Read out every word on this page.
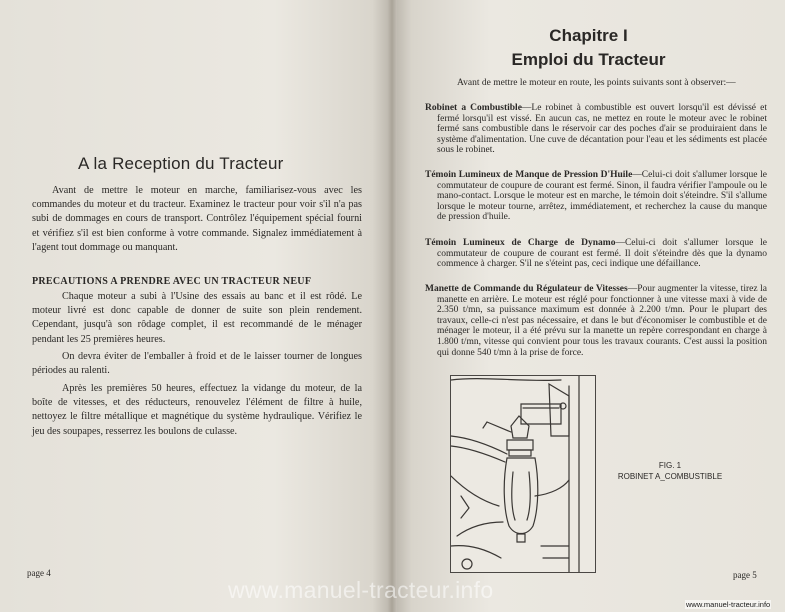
A la Reception du Tracteur

Avant de mettre le moteur en marche, familiarisez-vous avec les commandes du moteur et du tracteur. Examinez le tracteur pour voir s'il n'a pas subi de dommages en cours de transport. Contrôlez l'équipement spécial fourni et vérifiez s'il est bien conforme à votre commande. Signalez immédiatement à l'agent tout dommage ou manquant.

PRECAUTIONS A PRENDRE AVEC UN TRACTEUR NEUF

Chaque moteur a subi à l'Usine des essais au banc et il est rôdé. Le moteur livré est donc capable de donner de suite son plein rendement. Cependant, jusqu'à son rôdage complet, il est recommandé de le ménager pendant les 25 premières heures.

On devra éviter de l'emballer à froid et de le laisser tourner de longues périodes au ralenti.

Après les premières 50 heures, effectuez la vidange du moteur, de la boîte de vitesses, et des réducteurs, renouvelez l'élément de filtre à huile, nettoyez le filtre métallique et magnétique du système hydraulique. Vérifiez le jeu des soupapes, resserrez les boulons de culasse.

page 4
Chapitre I
Emploi du Tracteur

Avant de mettre le moteur en route, les points suivants sont à observer:—

Robinet a Combustible—Le robinet à combustible est ouvert lorsqu'il est dévissé et fermé lorsqu'il est vissé. En aucun cas, ne mettez en route le moteur avec le robinet fermé sans combustible dans le réservoir car des poches d'air se produiraient dans le système d'alimentation. Une cuve de décantation pour l'eau et les sédiments est placée sous le robinet.

Témoin Lumineux de Manque de Pression D'Huile—Celui-ci doit s'allumer lorsque le commutateur de coupure de courant est fermé. Sinon, il faudra vérifier l'ampoule ou le mano-contact. Lorsque le moteur est en marche, le témoin doit s'éteindre. S'il s'allume lorsque le moteur tourne, arrêtez, immédiatement, et recherchez la cause du manque de pression d'huile.

Témoin Lumineux de Charge de Dynamo—Celui-ci doit s'allumer lorsque le commutateur de coupure de courant est fermé. Il doit s'éteindre dès que la dynamo commence à charger. S'il ne s'éteint pas, ceci indique une défaillance.

Manette de Commande du Régulateur de Vitesses—Pour augmenter la vitesse, tirez la manette en arrière. Le moteur est réglé pour fonctionner à une vitesse maxi à vide de 2.350 t/mn, sa puissance maximum est donnée à 2.200 t/mn. Pour le plupart des travaux, celle-ci n'est pas nécessaire, et dans le but d'économiser le combustible et de ménager le moteur, il a été prévu sur la manette un repère correspondant en charge à 1.800 t/mn, vitesse qui convient pour tous les travaux courants. C'est aussi la position qui donne 540 t/mn à la prise de force.

FIG. 1
ROBINET A_COMBUSTIBLE
page 5
www.manuel-tracteur.info
www.manuel-tracteur.info
